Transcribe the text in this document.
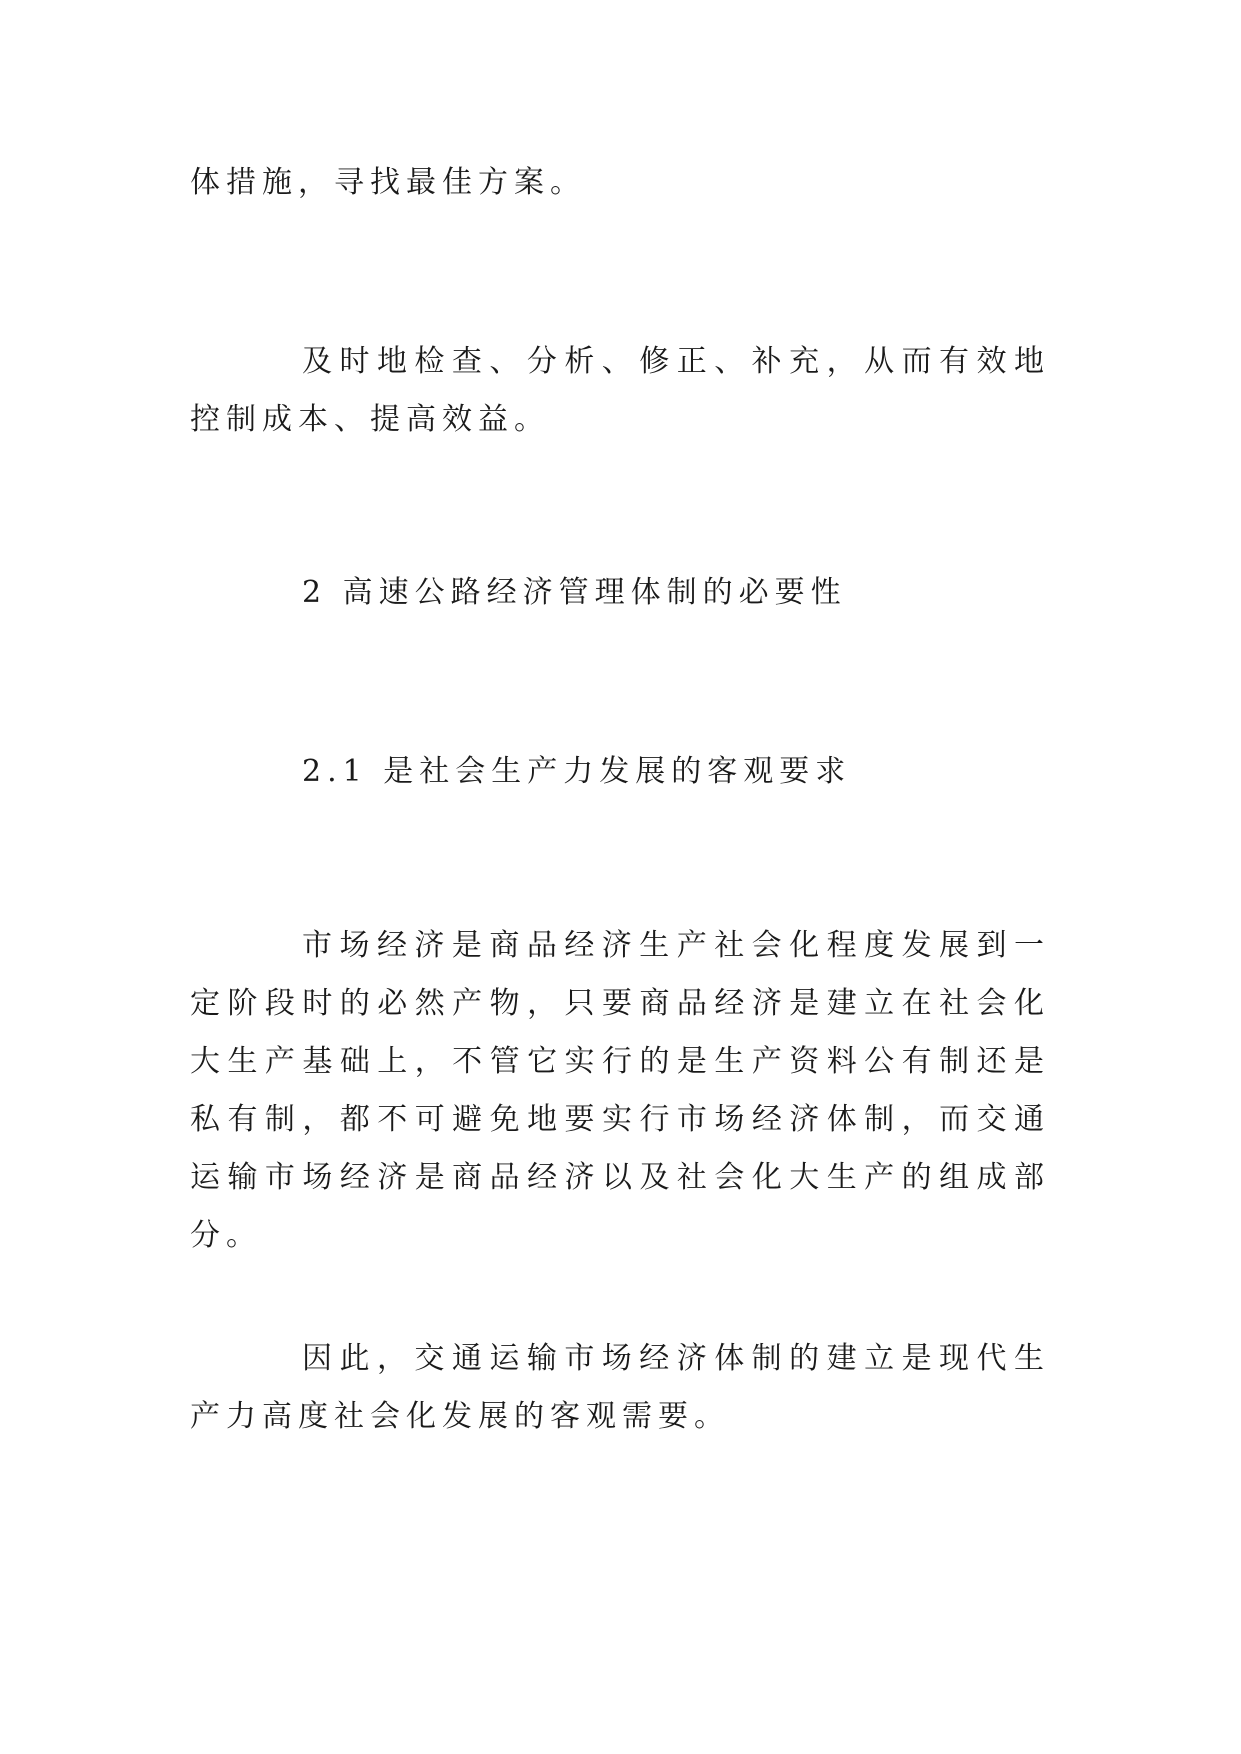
体措施，寻找最佳方案。

及时地检查、分析、修正、补充，从而有效地控制成本、提高效益。

2 高速公路经济管理体制的必要性

2.1 是社会生产力发展的客观要求

市场经济是商品经济生产社会化程度发展到一定阶段时的必然产物，只要商品经济是建立在社会化大生产基础上，不管它实行的是生产资料公有制还是私有制，都不可避免地要实行市场经济体制，而交通运输市场经济是商品经济以及社会化大生产的组成部分。

因此，交通运输市场经济体制的建立是现代生产力高度社会化发展的客观需要。
